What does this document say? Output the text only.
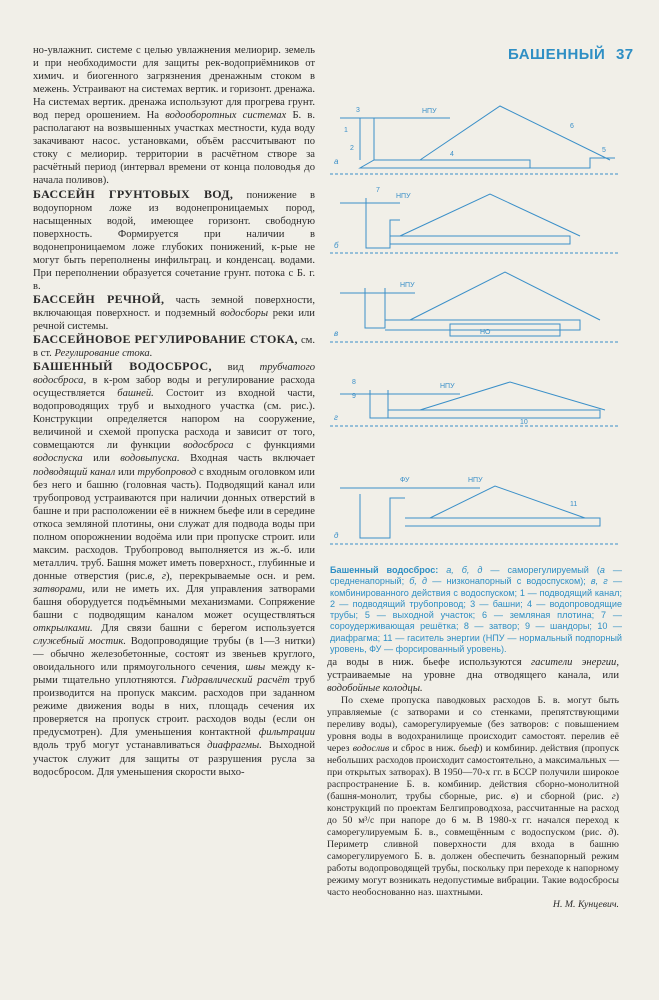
БАШЕННЫЙ 37

но-увлажнит. системе с целью увлажнения мелиорир. земель и при необходимости для защиты рек-водоприёмников от химич. и биогенного загрязнения дренажным стоком в межень. Устраивают на системах вертик. и горизонт. дренажа. На системах вертик. дренажа используют для прогрева грунт. вод перед орошением. На водооборотных системах Б. в. располагают на возвышенных участках местности, куда воду закачивают насос. установками, объём рассчитывают по стоку с мелиорир. территории в расчётном створе за расчётный период (интервал времени от конца половодья до начала поливов).

БАССЕЙН ГРУНТОВЫХ ВОД, понижение в водоупорном ложе из водонепроницаемых пород, насыщенных водой, имеющее горизонт. свободную поверхность. Формируется при наличии в водонепроницаемом ложе глубоких понижений, к-рые не могут быть переполнены инфильтрац. и конденсац. водами. При переполнении образуется сочетание грунт. потока с Б. г. в.

БАССЕЙН РЕЧНОЙ, часть земной поверхности, включающая поверхност. и подземный водосборы реки или речной системы.

БАССЕЙНОВОЕ РЕГУЛИРОВАНИЕ СТОКА, см. в ст. Регулирование стока.

БАШЕННЫЙ ВОДОСБРОС, вид трубчатого водосброса, в к-ром забор воды и регулирование расхода осуществляется башней. Состоит из входной части, водопроводящих труб и выходного участка (см. рис.). Конструкции определяется напором на сооружение, величиной и схемой пропуска расхода и зависит от того, совмещаются ли функции водосброса с функциями водоспуска или водовыпуска. Входная часть включает подводящий канал или трубопровод с входным оголовком или без него и башню (головная часть). Подводящий канал или трубопровод устраиваются при наличии донных отверстий в башне и при расположении её в нижнем бьефе или в середине откоса земляной плотины, они служат для подвода воды при полном опорожнении водоёма или при пропуске строит. или максим. расходов. Трубопровод выполняется из ж.-б. или металлич. труб. Башня может иметь поверхност., глубинные и донные отверстия (рис.в, г), перекрываемые осн. и рем. затворами, или не иметь их. Для управления затворами башня оборудуется подъёмными механизмами. Сопряжение башни с подводящим каналом может осуществляться открылками. Для связи башни с берегом используется служебный мостик. Водопроводящие трубы (в 1—3 нитки) — обычно железобетонные, состоят из звеньев круглого, овоидального или прямоугольного сечения, швы между к-рыми тщательно уплотняются. Гидравлический расчёт труб производится на пропуск максим. расходов при заданном режиме движения воды в них, площадь сечения их проверяется на пропуск строит. расходов воды (если он предусмотрен). Для уменьшения контактной фильтрации вдоль труб могут устанавливаться диафрагмы. Выходной участок служит для защиты от разрушения русла за водосбросом. Для уменьшения скорости выхо-

НПУ
НПУ
НПУ
НПУ
НПУ
ФУ
НО
1
2
3
4
5
6
7
8
9
10
11
а
б
в
г
д
Башенный водосброс: а, б, д — саморегулируемый (а — средненапорный; б, д — низконапорный с водоспуском); в, г — комбинированного действия с водоспуском; 1 — подводящий канал; 2 — подводящий трубопровод; 3 — башни; 4 — водопроводящие трубы; 5 — выходной участок; 6 — земляная плотина; 7 — сороудерживающая решётка; 8 — затвор; 9 — шандоры; 10 — диафрагма; 11 — гаситель энергии (НПУ — нормальный подпорный уровень, ФУ — форсированный уровень).

да воды в ниж. бьефе используются гасители энергии, устраиваемые на уровне дна отводящего канала, или водобойные колодцы.

По схеме пропуска паводковых расходов Б. в. могут быть управляемые (с затворами и со стенками, препятствующими переливу воды), саморегулируемые (без затворов: с повышением уровня воды в водохранилище происходит самостоят. перелив её через водослив и сброс в ниж. бьеф) и комбинир. действия (пропуск небольших расходов происходит самостоятельно, а максимальных — при открытых затворах). В 1950—70-х гг. в БССР получили широкое распространение Б. в. комбинир. действия сборно-монолитной (башня-монолит, трубы сборные, рис. в) и сборной (рис. г) конструкций по проектам Белгипроводхоза, рассчитанные на расход до 50 м³/с при напоре до 6 м. В 1980-х гг. начался переход к саморегулируемым Б. в., совмещённым с водоспуском (рис. д). Периметр сливной поверхности для входа в башню саморегулируемого Б. в. должен обеспечить безнапорный режим работы водопроводящей трубы, поскольку при переходе к напорному режиму могут возникать недопустимые вибрации. Такие водосбросы часто необоснованно наз. шахтными.

Н. М. Кунцевич.
